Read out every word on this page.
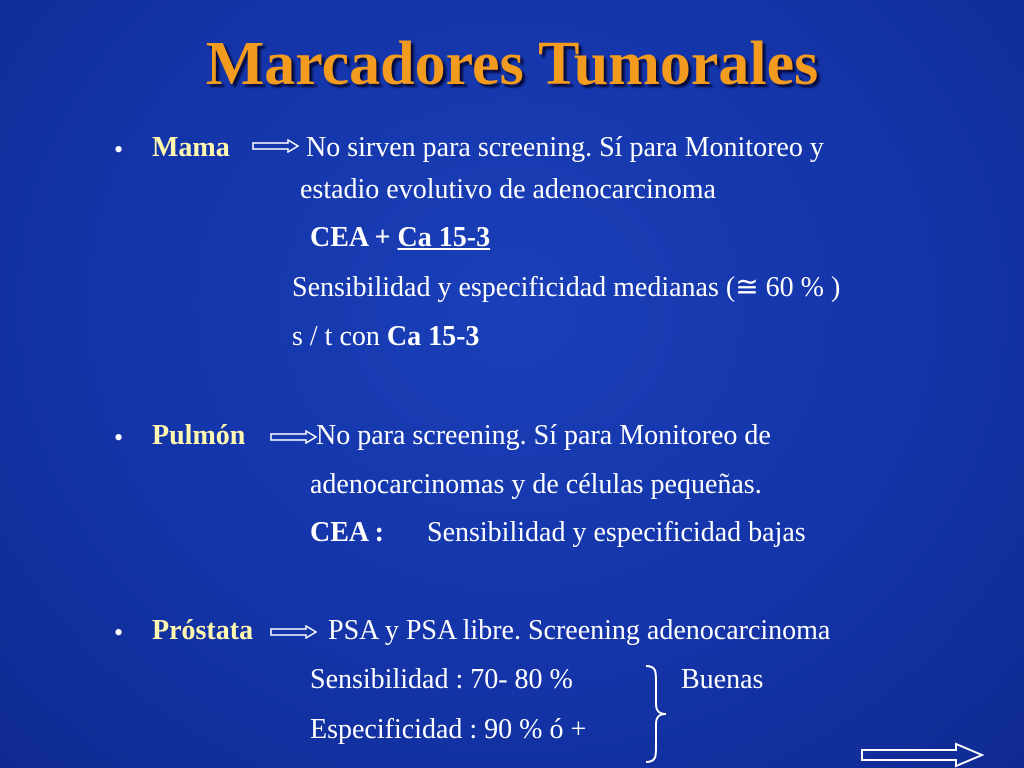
Marcadores Tumorales
• Mama	No sirven para screening. Sí para Monitoreo y
estadio evolutivo de adenocarcinoma
CEA + Ca 15-3
Sensibilidad y especificidad medianas (≅ 60 % )
s / t con Ca 15-3
• Pulmón	No para screening. Sí para Monitoreo de
adenocarcinomas y de células pequeñas.
CEA : Sensibilidad y especificidad bajas
• Próstata	PSA y PSA libre. Screening adenocarcinoma
Sensibilidad : 70- 80 %
Especificidad : 90 % ó +
Buenas
